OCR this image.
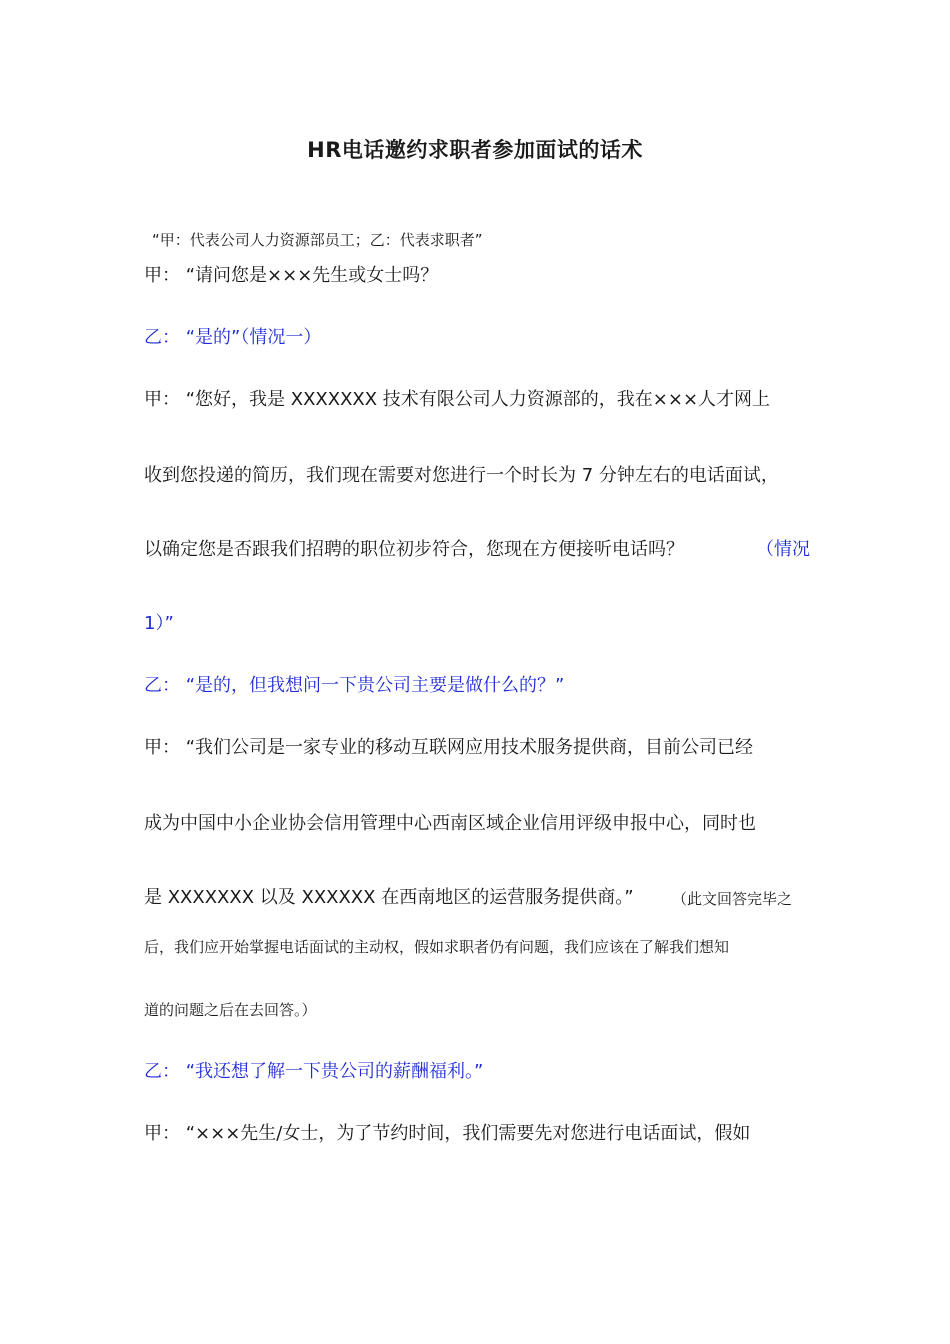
HR电话邀约求职者参加面试的话术
“甲：代表公司人力资源部员工；乙：代表求职者”
甲： “请问您是×××先生或女士吗？
乙： “是的”（情况一）
甲： “您好，我是 XXXXXXX 技术有限公司人力资源部的，我在×××人才网上
收到您投递的简历，我们现在需要对您进行一个时长为 7 分钟左右的电话面试，
以确定您是否跟我们招聘的职位初步符合，您现在方便接听电话吗？	（情况
1）”
乙： “是的，但我想问一下贵公司主要是做什么的？”
甲： “我们公司是一家专业的移动互联网应用技术服务提供商，目前公司已经
成为中国中小企业协会信用管理中心西南区域企业信用评级申报中心，同时也
是 XXXXXXX 以及 XXXXXX 在西南地区的运营服务提供商。”	（此文回答完毕之
后，我们应开始掌握电话面试的主动权，假如求职者仍有问题，我们应该在了解我们想知
道的问题之后在去回答。）
乙： “我还想了解一下贵公司的薪酬福利。”
甲： “×××先生/女士，为了节约时间，我们需要先对您进行电话面试，假如
